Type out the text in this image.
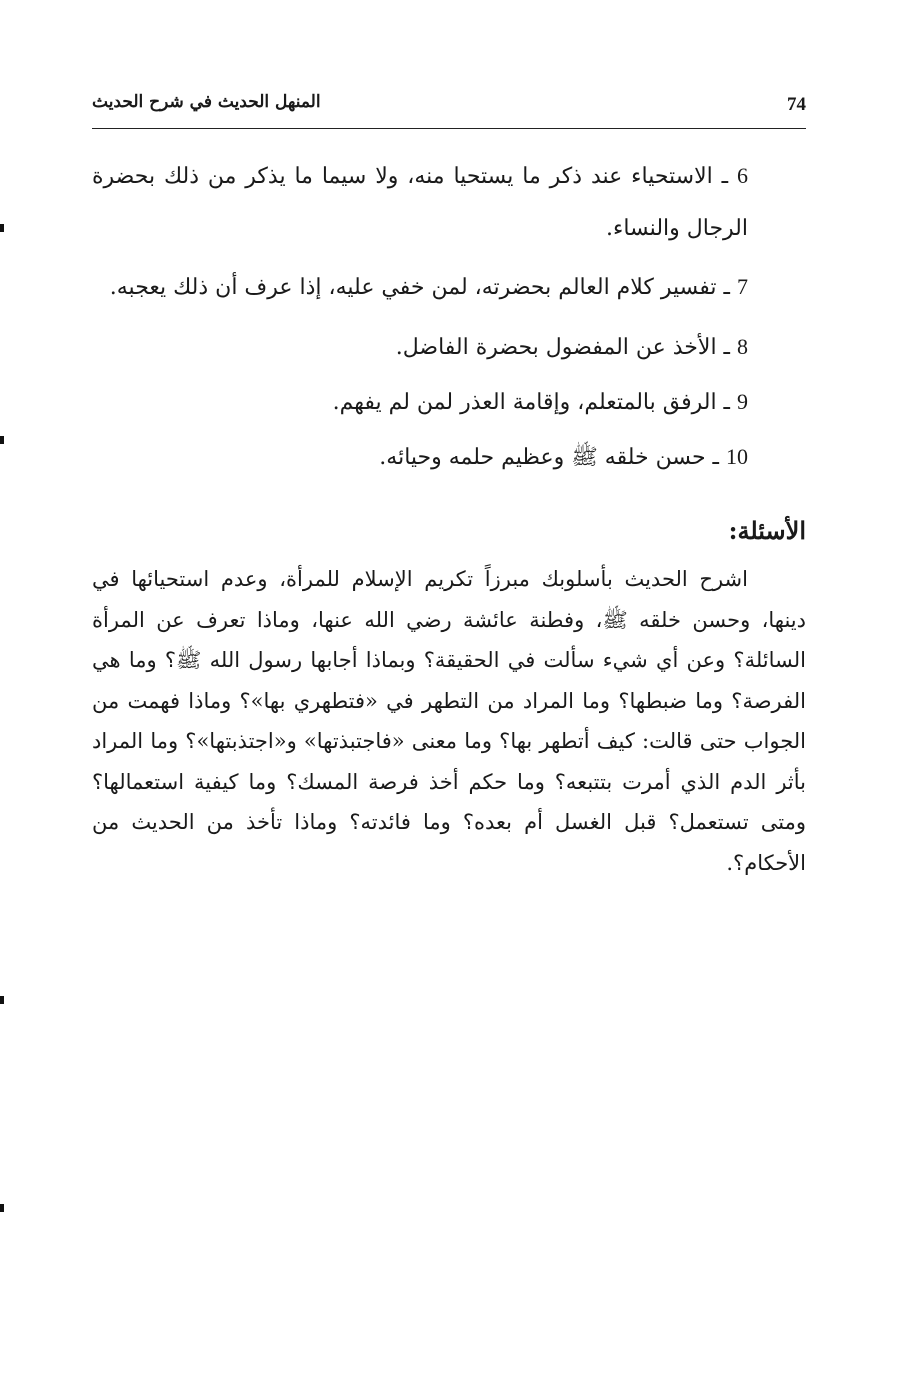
74
المنهل الحديث في شرح الحديث

6 ـ الاستحياء عند ذكر ما يستحيا منه، ولا سيما ما يذكر من ذلك بحضرة الرجال والنساء.

7 ـ تفسير كلام العالم بحضرته، لمن خفي عليه، إذا عرف أن ذلك يعجبه.

8 ـ الأخذ عن المفضول بحضرة الفاضل.

9 ـ الرفق بالمتعلم، وإقامة العذر لمن لم يفهم.

10 ـ حسن خلقه ﷺ وعظيم حلمه وحيائه.

الأسئلة:

اشرح الحديث بأسلوبك مبرزاً تكريم الإسلام للمرأة، وعدم استحيائها في دينها، وحسن خلقه ﷺ، وفطنة عائشة رضي الله عنها، وماذا تعرف عن المرأة السائلة؟ وعن أي شيء سألت في الحقيقة؟ وبماذا أجابها رسول الله ﷺ؟ وما هي الفرصة؟ وما ضبطها؟ وما المراد من التطهر في «فتطهري بها»؟ وماذا فهمت من الجواب حتى قالت: كيف أتطهر بها؟ وما معنى «فاجتبذتها» و«اجتذبتها»؟ وما المراد بأثر الدم الذي أمرت بتتبعه؟ وما حكم أخذ فرصة المسك؟ وما كيفية استعمالها؟ ومتى تستعمل؟ قبل الغسل أم بعده؟ وما فائدته؟ وماذا تأخذ من الحديث من الأحكام؟.
